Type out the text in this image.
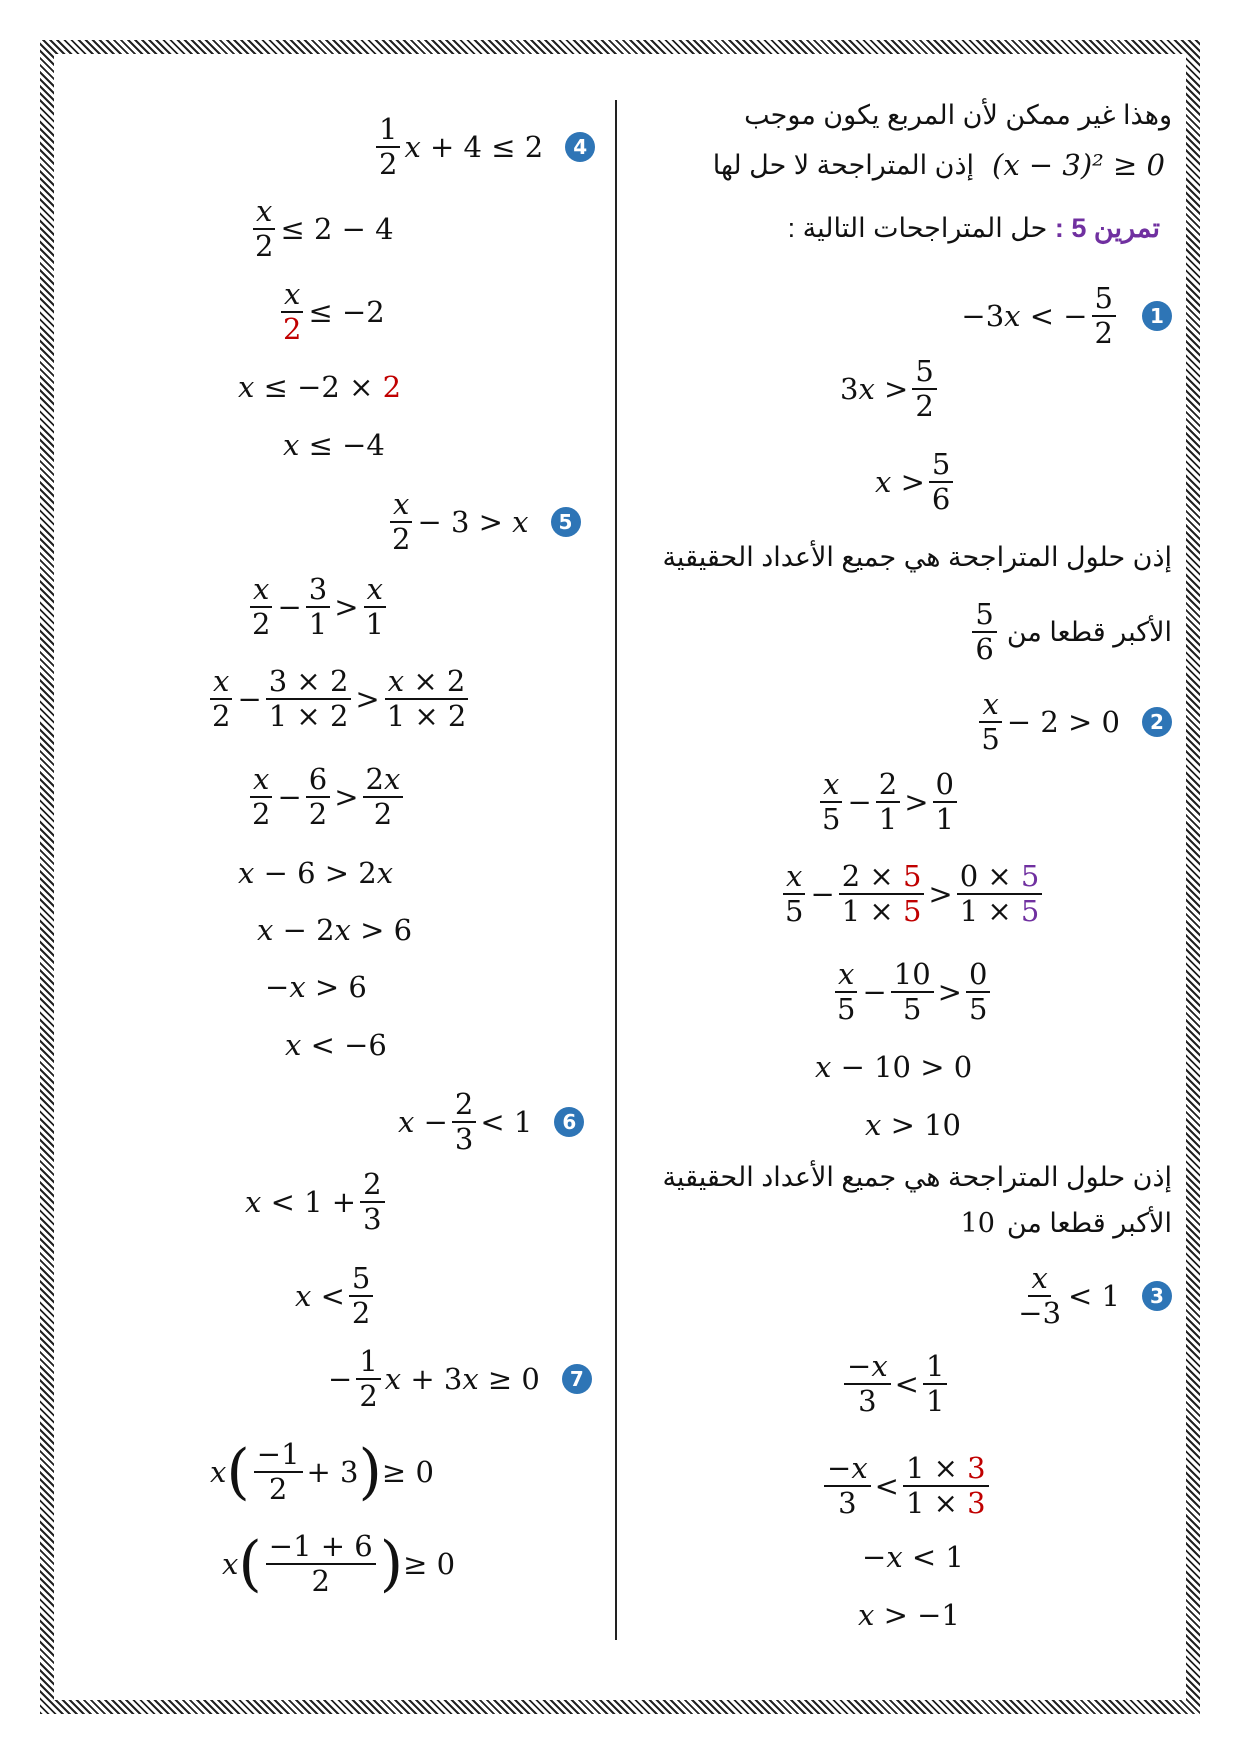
وهذا غير ممكن لأن المربع يكون موجب
إذن المتراجحة لا حل لها (x − 3)² ≥ 0
تمرين 5 : حل المتراجحات التالية :
−3x < − $\frac{5}{2}$	1
3x >
5
2
x >
5
6
إذن حلول المتراجحة هي جميع الأعداد الحقيقية
5
6
الأكبر قطعا من
x
5 − 2 > 0	2
x
$5 - \frac{2}{1}$ >
0
1
x
$5 - \frac{2 \times 5}{1 \times 5}$ >
0 × 5
1 × 5
x
$5 - \frac{10}{5}$ >
0
5
x − 10 > 0
x > 10
إذن حلول المتراجحة هي جميع الأعداد الحقيقية
10 الأكبر قطعا من
x
−3 < 1	3
−x
3 <
1
1
−x
3 <
1 × 3
1 × 3
−x < 1
x > −1
1
2 x + 4 ≤ 2	4
$\frac{x}{2} \le 2 - 4$
$\frac{x}{2} \le -2$
x ≤ −2 × 2
x ≤ −4
x
2 − 3 > x	5
x
$2 - \frac{3}{1}$ >
x
1
x
$2 - \frac{3 \times 2}{1 \times 2}$ >
x × 2
1 × 2
x
$2 - \frac{6}{2}$ >
2x
2
x − 6 > 2x
x − 2x > 6
−x > 6
x < −6
$x - \frac{2}{3} < 1$	6
$x < 1 + \frac{2}{3}$
x <
5
2
− $\frac{1}{2}$ x + 3x ≥ 0	7
x ( −1
2 + 3 ) ≥ 0
x ( −1 + 6
2 ) ≥ 0
